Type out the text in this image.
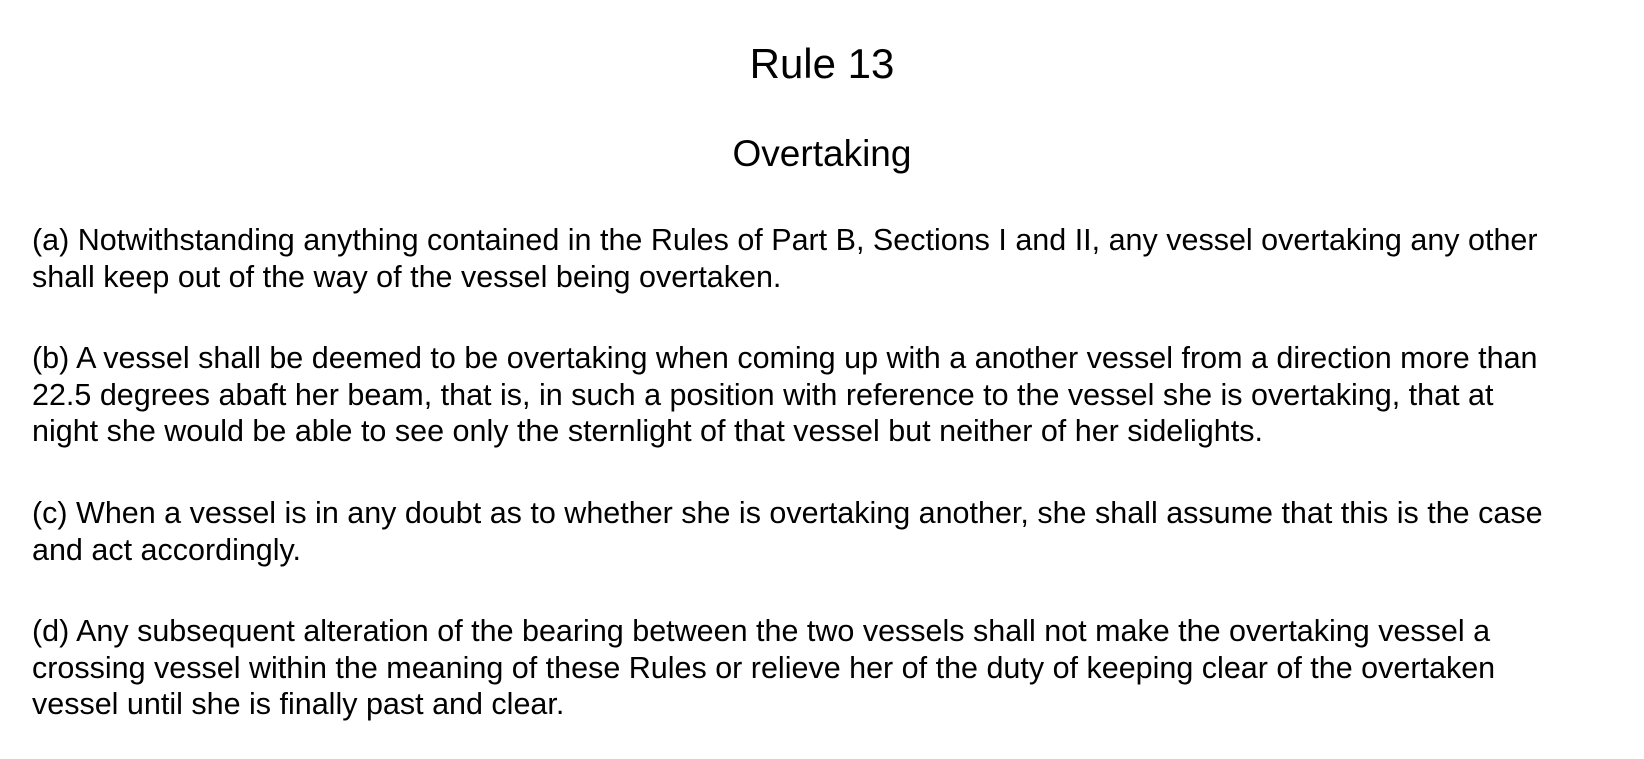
Rule 13
Overtaking

(a) Notwithstanding anything contained in the Rules of Part B, Sections I and II, any vessel overtaking any other
shall keep out of the way of the vessel being overtaken.

(b) A vessel shall be deemed to be overtaking when coming up with a another vessel from a direction more than
22.5 degrees abaft her beam, that is, in such a position with reference to the vessel she is overtaking, that at
night she would be able to see only the sternlight of that vessel but neither of her sidelights.

(c) When a vessel is in any doubt as to whether she is overtaking another, she shall assume that this is the case
and act accordingly.

(d) Any subsequent alteration of the bearing between the two vessels shall not make the overtaking vessel a
crossing vessel within the meaning of these Rules or relieve her of the duty of keeping clear of the overtaken
vessel until she is finally past and clear.
